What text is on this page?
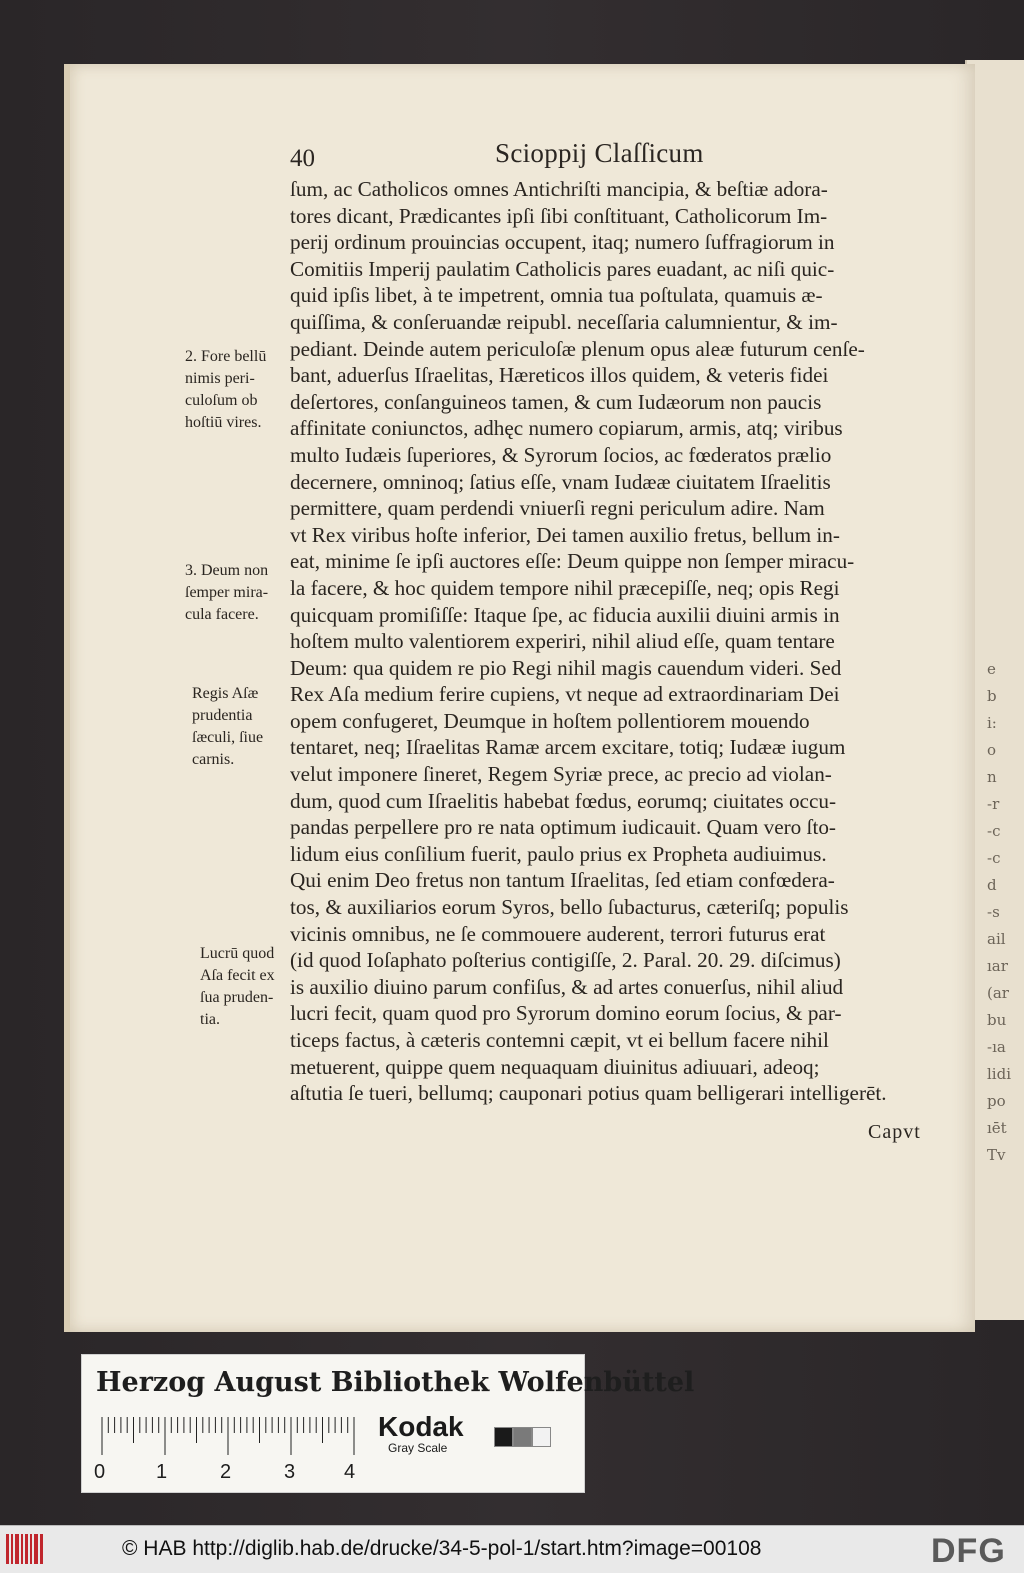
e
b
i:
o
n
-r
-c
-c
d
-s
ail
ıar
(ar
bu
-ıa
lidi
po
ıēt
Tv
40	Scioppij Claſſicum
ſum, ac Catholicos omnes Antichriſti mancipia, & beſtiæ adora-
tores dicant, Prædicantes ipſi ſibi conſtituant, Catholicorum Im-
perij ordinum prouincias occupent, itaq; numero ſuffragiorum in
Comitiis Imperij paulatim Catholicis pares euadant, ac niſi quic-
quid ipſis libet, à te impetrent, omnia tua poſtulata, quamuis æ-
quiſſima, & conſeruandæ reipubl. neceſſaria calumnientur, & im-
pediant. Deinde autem periculoſæ plenum opus aleæ futurum cenſe-
bant, aduerſus Iſraelitas, Hæreticos illos quidem, & veteris fidei
deſertores, conſanguineos tamen, & cum Iudæorum non paucis
affinitate coniunctos, adhęc numero copiarum, armis, atq; viribus
multo Iudæis ſuperiores, & Syrorum ſocios, ac fœderatos prælio
decernere, omninoq; ſatius eſſe, vnam Iudææ ciuitatem Iſraelitis
permittere, quam perdendi vniuerſi regni periculum adire. Nam
vt Rex viribus hoſte inferior, Dei tamen auxilio fretus, bellum in-
eat, minime ſe ipſi auctores eſſe: Deum quippe non ſemper miracu-
la facere, & hoc quidem tempore nihil præcepiſſe, neq; opis Regi
quicquam promiſiſſe: Itaque ſpe, ac fiducia auxilii diuini armis in
hoſtem multo valentiorem experiri, nihil aliud eſſe, quam tentare
Deum: qua quidem re pio Regi nihil magis cauendum videri. Sed
Rex Aſa medium ferire cupiens, vt neque ad extraordinariam Dei
opem confugeret, Deumque in hoſtem pollentiorem mouendo
tentaret, neq; Iſraelitas Ramæ arcem excitare, totiq; Iudææ iugum
velut imponere ſineret, Regem Syriæ prece, ac precio ad violan-
dum, quod cum Iſraelitis habebat fœdus, eorumq; ciuitates occu-
pandas perpellere pro re nata optimum iudicauit. Quam vero ſto-
lidum eius conſilium fuerit, paulo prius ex Propheta audiuimus.
Qui enim Deo fretus non tantum Iſraelitas, ſed etiam confœdera-
tos, & auxiliarios eorum Syros, bello ſubacturus, cæteriſq; populis
vicinis omnibus, ne ſe commouere auderent, terrori futurus erat
(id quod Ioſaphato poſterius contigiſſe, 2. Paral. 20. 29. diſcimus)
is auxilio diuino parum confiſus, & ad artes conuerſus, nihil aliud
lucri fecit, quam quod pro Syrorum domino eorum ſocius, & par-
ticeps factus, à cæteris contemni cæpit, vt ei bellum facere nihil
metuerent, quippe quem nequaquam diuinitus adiuuari, adeoq;
aſtutia ſe tueri, bellumq; cauponari potius quam belligerari intelligerēt.
2. Fore bellū
nimis peri-
culoſum ob
hoſtiū vires.
3. Deum non
ſemper mira-
cula facere.
Regis Aſæ
prudentia
ſæculi, ſiue
carnis.
Lucrū quod
Aſa fecit ex
ſua pruden-
tia.
Capvt
Herzog August Bibliothek Wolfenbüttel
0	1	2	3 4
Kodak
Gray Scale
© HAB http://diglib.hab.de/drucke/34-5-pol-1/start.htm?image=00108	DFG
